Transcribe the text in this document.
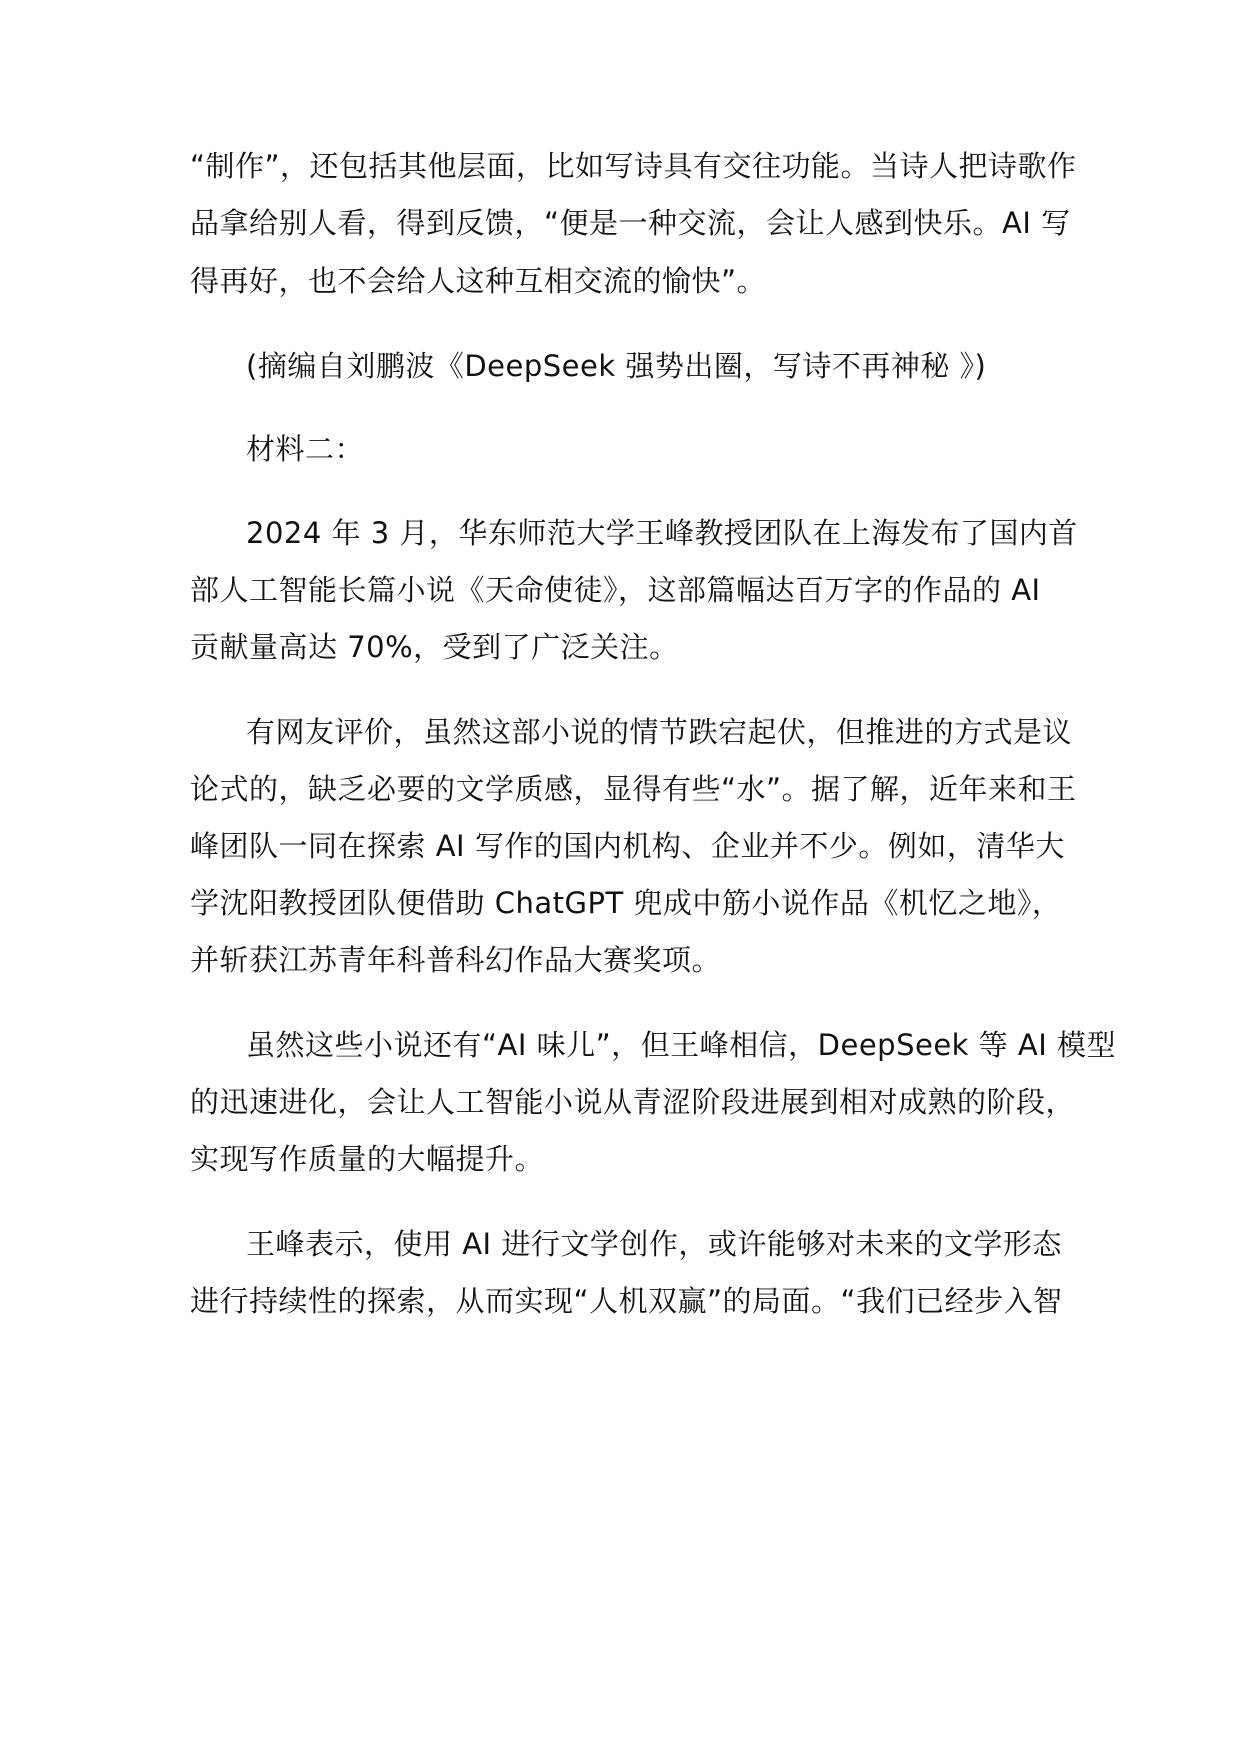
“制作”，还包括其他层面，比如写诗具有交往功能。当诗人把诗歌作
品拿给别人看，得到反馈，“便是一种交流，会让人感到快乐。AI 写
得再好，也不会给人这种互相交流的愉快”。
(摘编自刘鹏波《DeepSeek 强势出圈，写诗不再神秘 》)
材料二：
2024 年 3 月，华东师范大学王峰教授团队在上海发布了国内首
部人工智能长篇小说《天命使徒》，这部篇幅达百万字的作品的 AI
贡献量高达 70%，受到了广泛关注。
有网友评价，虽然这部小说的情节跌宕起伏，但推进的方式是议
论式的，缺乏必要的文学质感，显得有些“水”。据了解，近年来和王
峰团队一同在探索 AI 写作的国内机构、企业并不少。例如，清华大
学沈阳教授团队便借助 ChatGPT 兜成中筋小说作品《机忆之地》，
并斩获江苏青年科普科幻作品大赛奖项。
虽然这些小说还有“AI 味儿”，但王峰相信，DeepSeek 等 AI 模型
的迅速进化，会让人工智能小说从青涩阶段进展到相对成熟的阶段，
实现写作质量的大幅提升。
王峰表示，使用 AI 进行文学创作，或许能够对未来的文学形态
进行持续性的探索，从而实现“人机双赢”的局面。“我们已经步入智
